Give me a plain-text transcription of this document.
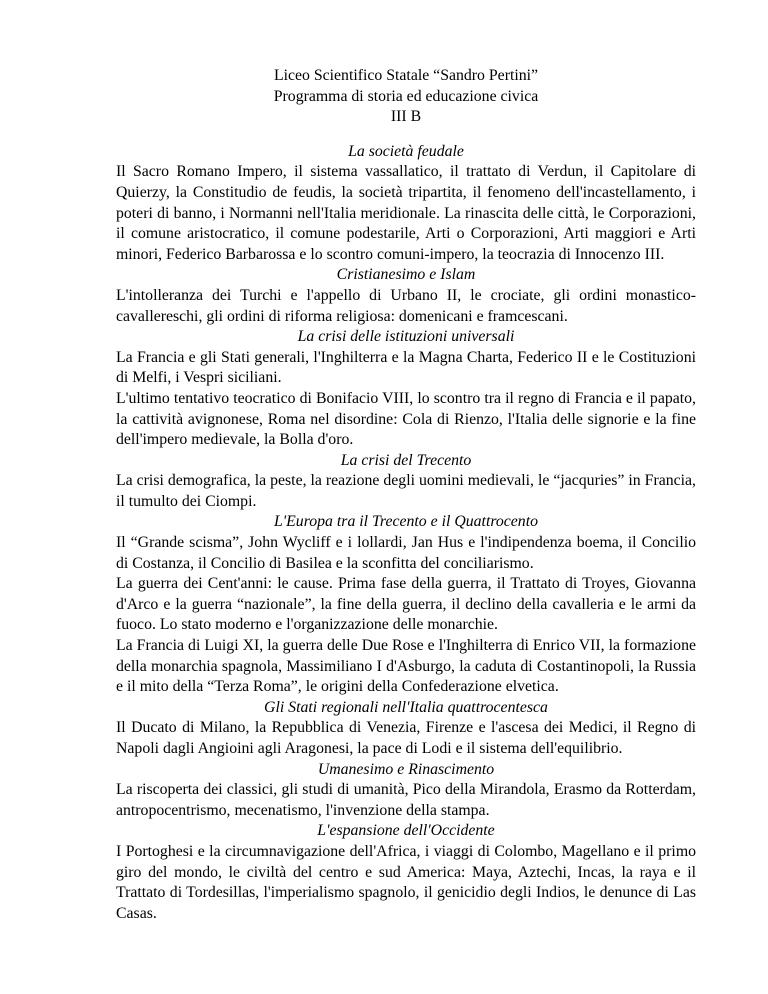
Liceo Scientifico Statale “Sandro Pertini”
Programma di storia ed educazione civica
III B
La società feudale
Il Sacro Romano Impero, il sistema vassallatico, il trattato di Verdun, il Capitolare di Quierzy, la Constitudio de feudis, la società tripartita, il fenomeno dell'incastellamento, i poteri di banno, i Normanni nell'Italia meridionale. La rinascita delle città, le Corporazioni, il comune aristocratico, il comune podestarile, Arti o Corporazioni, Arti maggiori e Arti minori, Federico Barbarossa e lo scontro comuni-impero, la teocrazia di Innocenzo III.
Cristianesimo e Islam
L'intolleranza dei Turchi e l'appello di Urbano II, le crociate, gli ordini monastico-cavallereschi, gli ordini di riforma religiosa: domenicani e framcescani.
La crisi delle istituzioni universali
La Francia e gli Stati generali, l'Inghilterra e la Magna Charta, Federico II e le Costituzioni di Melfi, i Vespri siciliani.
L'ultimo tentativo teocratico di Bonifacio VIII, lo scontro tra il regno di Francia e il papato, la cattività avignonese, Roma nel disordine: Cola di Rienzo, l'Italia delle signorie e la fine dell'impero medievale, la Bolla d'oro.
La crisi del Trecento
La crisi demografica, la peste, la reazione degli uomini medievali, le “jacquries” in Francia, il tumulto dei Ciompi.
L'Europa tra il Trecento e il Quattrocento
Il “Grande scisma”, John Wycliff e i lollardi, Jan Hus e l'indipendenza boema, il Concilio di Costanza, il Concilio di Basilea e la sconfitta del conciliarismo.
La guerra dei Cent'anni: le cause. Prima fase della guerra, il Trattato di Troyes, Giovanna d'Arco e la guerra “nazionale”, la fine della guerra, il declino della cavalleria e le armi da fuoco. Lo stato moderno e l'organizzazione delle monarchie.
La Francia di Luigi XI, la guerra delle Due Rose e l'Inghilterra di Enrico VII, la formazione della monarchia spagnola, Massimiliano I d'Asburgo, la caduta di Costantinopoli, la Russia e il mito della “Terza Roma”, le origini della Confederazione elvetica.
Gli Stati regionali nell'Italia quattrocentesca
Il Ducato di Milano, la Repubblica di Venezia, Firenze e l'ascesa dei Medici, il Regno di Napoli dagli Angioini agli Aragonesi, la pace di Lodi e il sistema dell'equilibrio.
Umanesimo e Rinascimento
La riscoperta dei classici, gli studi di umanità, Pico della Mirandola, Erasmo da Rotterdam, antropocentrismo, mecenatismo, l'invenzione della stampa.
L'espansione dell'Occidente
I Portoghesi e la circumnavigazione dell'Africa, i viaggi di Colombo, Magellano e il primo giro del mondo, le civiltà del centro e sud America: Maya, Aztechi, Incas, la raya e il Trattato di Tordesillas, l'imperialismo spagnolo, il genicidio degli Indios, le denunce di Las Casas.
